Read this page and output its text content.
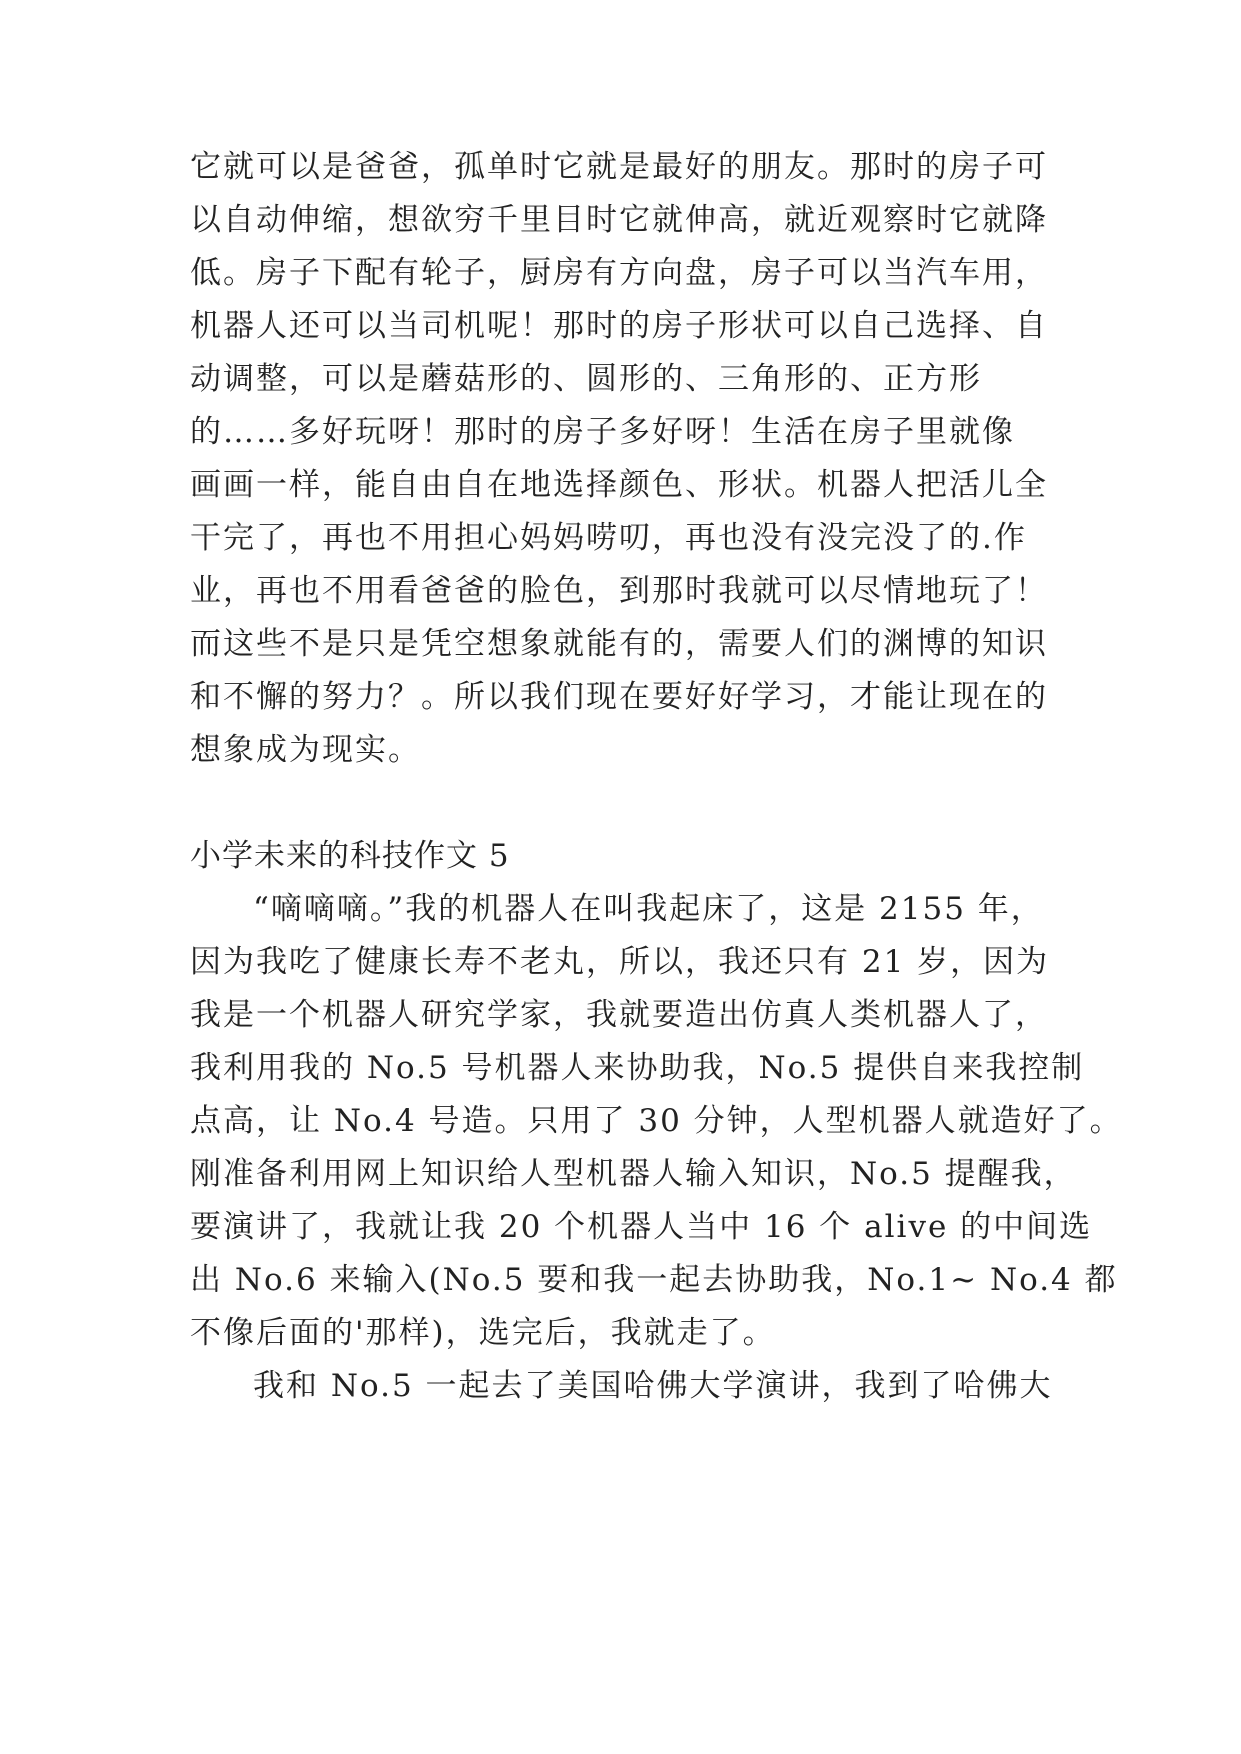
它就可以是爸爸，孤单时它就是最好的朋友。那时的房子可
以自动伸缩，想欲穷千里目时它就伸高，就近观察时它就降
低。房子下配有轮子，厨房有方向盘，房子可以当汽车用，
机器人还可以当司机呢！那时的房子形状可以自己选择、自
动调整，可以是蘑菇形的、圆形的、三角形的、正方形
的……多好玩呀！那时的房子多好呀！生活在房子里就像
画画一样，能自由自在地选择颜色、形状。机器人把活儿全
干完了，再也不用担心妈妈唠叨，再也没有没完没了的.作
业，再也不用看爸爸的脸色，到那时我就可以尽情地玩了！
而这些不是只是凭空想象就能有的，需要人们的渊博的知识
和不懈的努力？。所以我们现在要好好学习，才能让现在的
想象成为现实。
小学未来的科技作文 5
“嘀嘀嘀。”我的机器人在叫我起床了，这是 2155 年，
因为我吃了健康长寿不老丸，所以，我还只有 21 岁，因为
我是一个机器人研究学家，我就要造出仿真人类机器人了，
我利用我的 No.5 号机器人来协助我，No.5 提供自来我控制
点高，让 No.4 号造。只用了 30 分钟，人型机器人就造好了。
刚准备利用网上知识给人型机器人输入知识，No.5 提醒我，
要演讲了，我就让我 20 个机器人当中 16 个 alive 的中间选
出 No.6 来输入(No.5 要和我一起去协助我，No.1~ No.4 都
不像后面的'那样)，选完后，我就走了。
我和 No.5 一起去了美国哈佛大学演讲，我到了哈佛大
